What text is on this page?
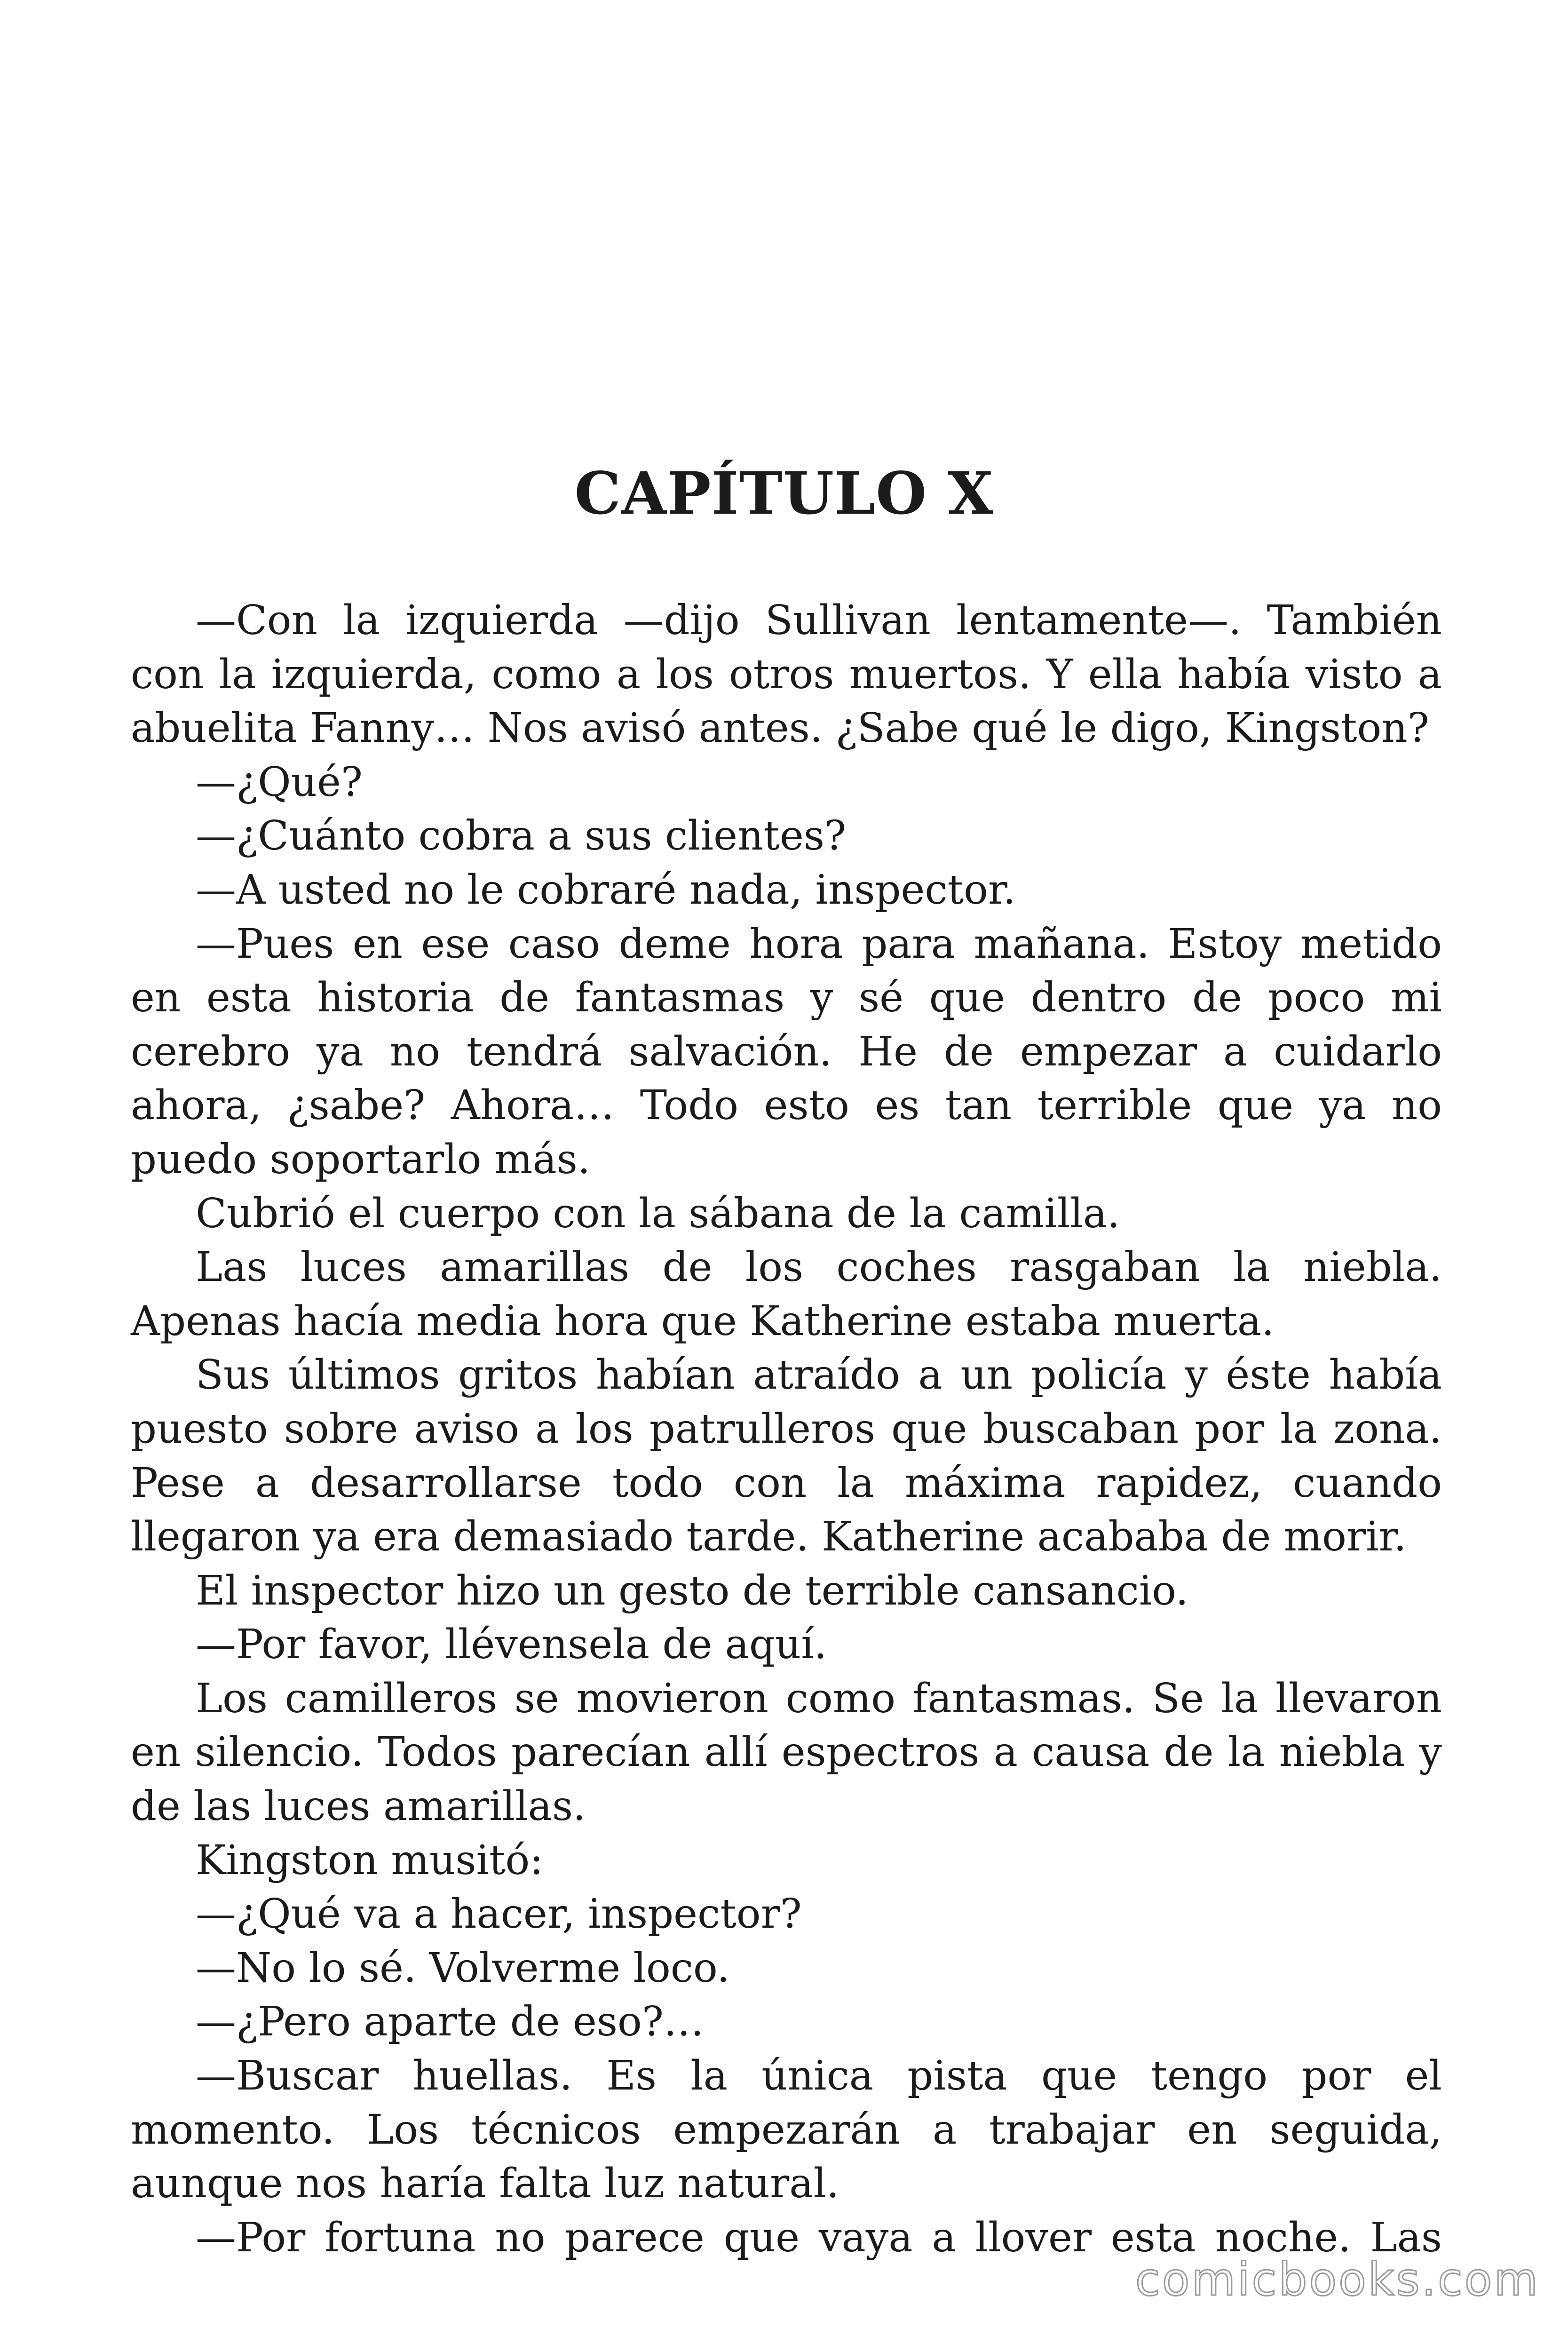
CAPÍTULO X

—Con la izquierda —dijo Sullivan lentamente—. También con la izquierda, como a los otros muertos. Y ella había visto a abuelita Fanny… Nos avisó antes. ¿Sabe qué le digo, Kingston?

—¿Qué?

—¿Cuánto cobra a sus clientes?

—A usted no le cobraré nada, inspector.

—Pues en ese caso deme hora para mañana. Estoy metido en esta historia de fantasmas y sé que dentro de poco mi cerebro ya no tendrá salvación. He de empezar a cuidarlo ahora, ¿sabe? Ahora… Todo esto es tan terrible que ya no puedo soportarlo más.

Cubrió el cuerpo con la sábana de la camilla.

Las luces amarillas de los coches rasgaban la niebla. Apenas hacía media hora que Katherine estaba muerta.

Sus últimos gritos habían atraído a un policía y éste había puesto sobre aviso a los patrulleros que buscaban por la zona. Pese a desarrollarse todo con la máxima rapidez, cuando llegaron ya era demasiado tarde. Katherine acababa de morir.

El inspector hizo un gesto de terrible cansancio.

—Por favor, llévensela de aquí.

Los camilleros se movieron como fantasmas. Se la llevaron en silencio. Todos parecían allí espectros a causa de la niebla y de las luces amarillas.

Kingston musitó:

—¿Qué va a hacer, inspector?

—No lo sé. Volverme loco.

—¿Pero aparte de eso?…

—Buscar huellas. Es la única pista que tengo por el momento. Los técnicos empezarán a trabajar en seguida, aunque nos haría falta luz natural.

—Por fortuna no parece que vaya a llover esta noche. Las

comicbooks.com
